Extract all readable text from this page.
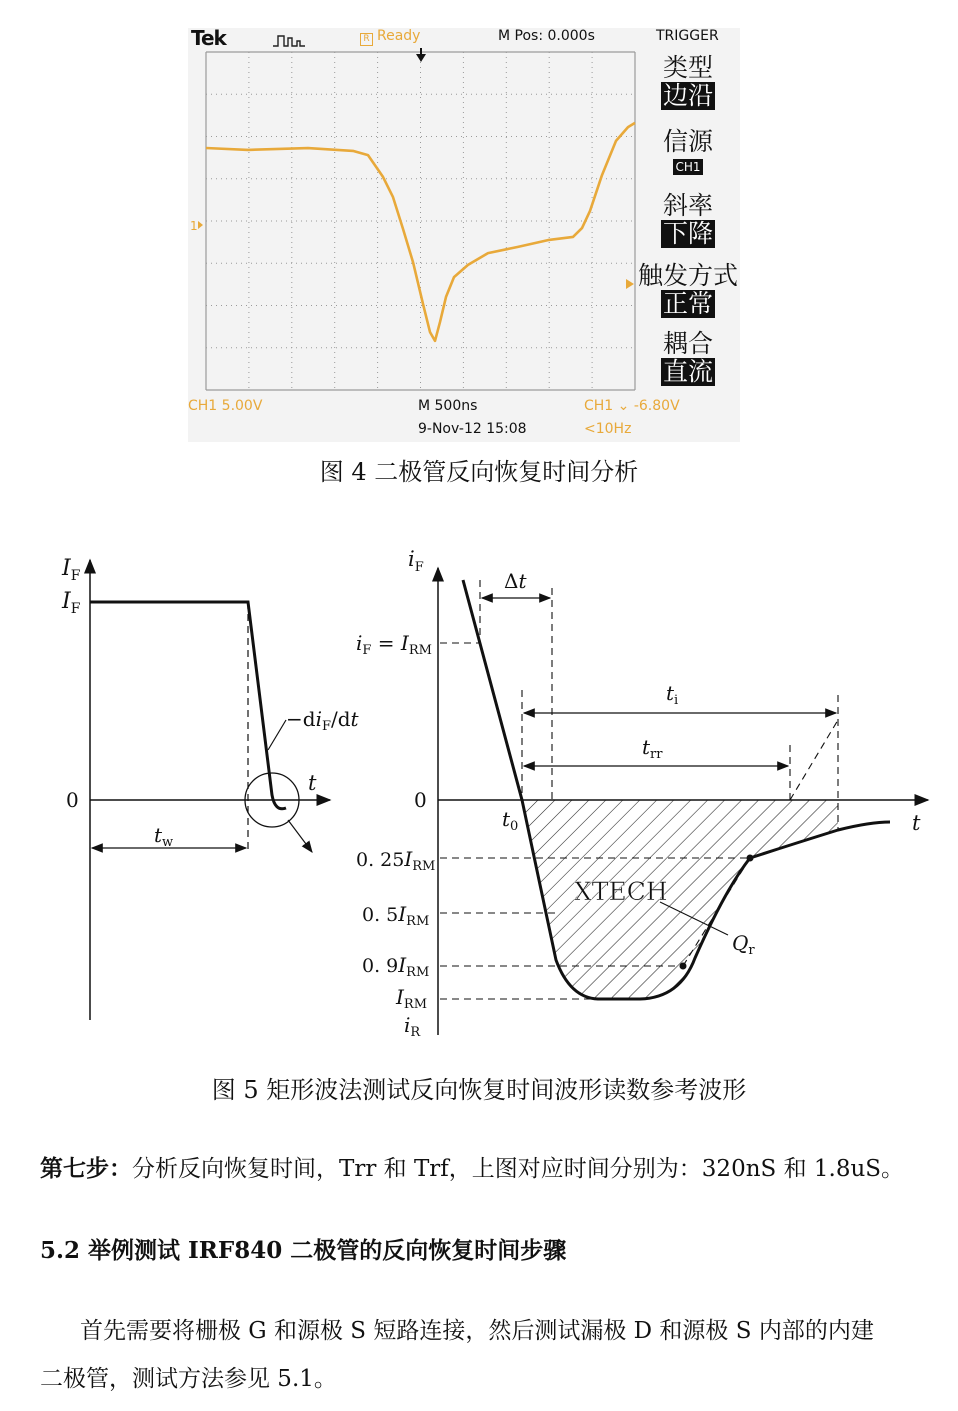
Tek	R Ready	M Pos: 0.000s	TRIGGER
1
类型
边沿
信源
CH1
斜率
下降
触发方式
正常
耦合
直流
CH1 5.00V	M 500ns
9-Nov-12 15:08
CH1 ⌄ -6.80V
<10Hz
图 4 二极管反向恢复时间分析
$I_F$
$I_F$
0
t
$-di_F/dt$
$t_w$
$i_F$
$i_F = I_{RM}$
0
t
$t_0$
Δt
$t_i$
$t_{rr}$
0. $25I_{RM}$
0. $5I_{RM}$
0. $9I_{RM}$
$I_{RM}$
$i_R$
XTECH
$Q_r$
图 5 矩形波法测试反向恢复时间波形读数参考波形
第七步：分析反向恢复时间，Trr 和 Trf，上图对应时间分别为：320nS 和 1.8uS。
5.2 举例测试 IRF840 二极管的反向恢复时间步骤
首先需要将栅极 G 和源极 S 短路连接，然后测试漏极 D 和源极 S 内部的内建
二极管，测试方法参见 5.1。
